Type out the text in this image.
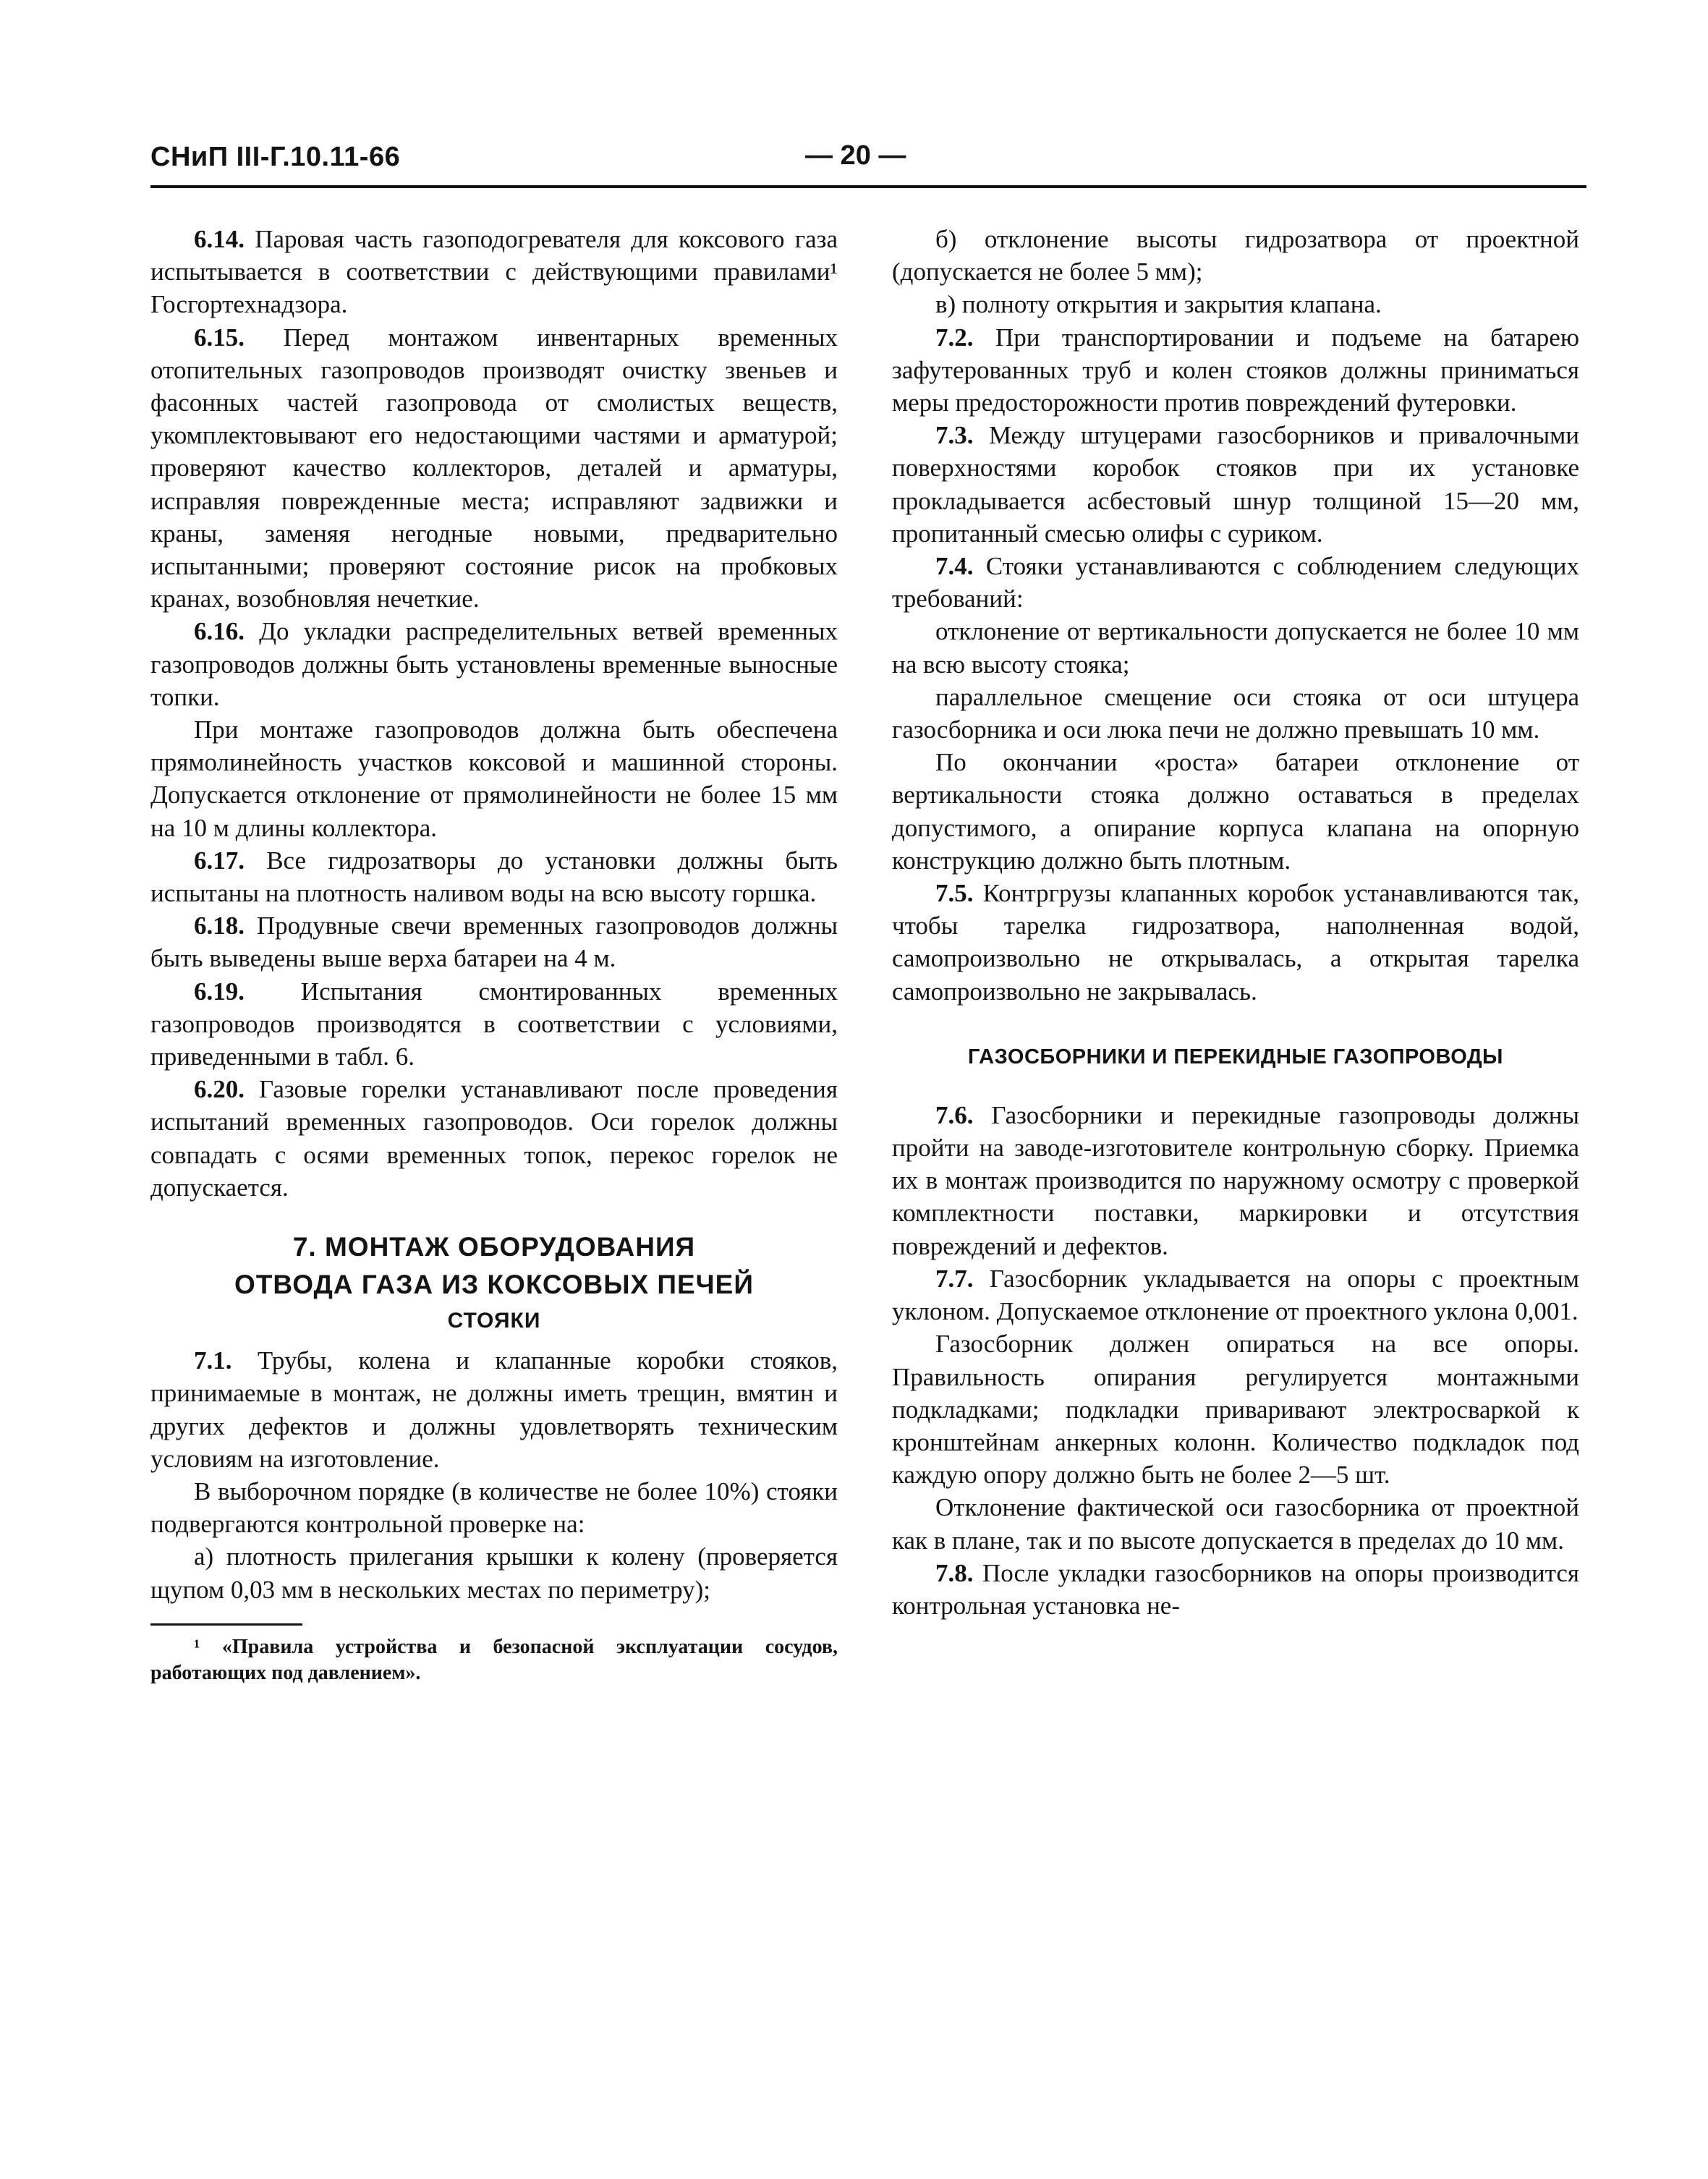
СНиП III-Г.10.11-66	— 20 —

6.14. Паровая часть газоподогревателя для коксового газа испытывается в соответствии с действующими правилами¹ Госгортехнадзора.

6.15. Перед монтажом инвентарных временных отопительных газопроводов производят очистку звеньев и фасонных частей газопровода от смолистых веществ, укомплектовывают его недостающими частями и арматурой; проверяют качество коллекторов, деталей и арматуры, исправляя поврежденные места; исправляют задвижки и краны, заменяя негодные новыми, предварительно испытанными; проверяют состояние рисок на пробковых кранах, возобновляя нечеткие.

6.16. До укладки распределительных ветвей временных газопроводов должны быть установлены временные выносные топки.

При монтаже газопроводов должна быть обеспечена прямолинейность участков коксовой и машинной стороны. Допускается отклонение от прямолинейности не более 15 мм на 10 м длины коллектора.

6.17. Все гидрозатворы до установки должны быть испытаны на плотность наливом воды на всю высоту горшка.

6.18. Продувные свечи временных газопроводов должны быть выведены выше верха батареи на 4 м.

6.19. Испытания смонтированных временных газопроводов производятся в соответствии с условиями, приведенными в табл. 6.

6.20. Газовые горелки устанавливают после проведения испытаний временных газопроводов. Оси горелок должны совпадать с осями временных топок, перекос горелок не допускается.

7. МОНТАЖ ОБОРУДОВАНИЯ
ОТВОДА ГАЗА ИЗ КОКСОВЫХ ПЕЧЕЙ
СТОЯКИ

7.1. Трубы, колена и клапанные коробки стояков, принимаемые в монтаж, не должны иметь трещин, вмятин и других дефектов и должны удовлетворять техническим условиям на изготовление.

В выборочном порядке (в количестве не более 10%) стояки подвергаются контрольной проверке на:

а) плотность прилегания крышки к колену (проверяется щупом 0,03 мм в нескольких местах по периметру);

¹ «Правила устройства и безопасной эксплуатации сосудов, работающих под давлением».

б) отклонение высоты гидрозатвора от проектной (допускается не более 5 мм);

в) полноту открытия и закрытия клапана.

7.2. При транспортировании и подъеме на батарею зафутерованных труб и колен стояков должны приниматься меры предосторожности против повреждений футеровки.

7.3. Между штуцерами газосборников и привалочными поверхностями коробок стояков при их установке прокладывается асбестовый шнур толщиной 15—20 мм, пропитанный смесью олифы с суриком.

7.4. Стояки устанавливаются с соблюдением следующих требований:

отклонение от вертикальности допускается не более 10 мм на всю высоту стояка;

параллельное смещение оси стояка от оси штуцера газосборника и оси люка печи не должно превышать 10 мм.

По окончании «роста» батареи отклонение от вертикальности стояка должно оставаться в пределах допустимого, а опирание корпуса клапана на опорную конструкцию должно быть плотным.

7.5. Контргрузы клапанных коробок устанавливаются так, чтобы тарелка гидрозатвора, наполненная водой, самопроизвольно не открывалась, а открытая тарелка самопроизвольно не закрывалась.

ГАЗОСБОРНИКИ И ПЕРЕКИДНЫЕ ГАЗОПРОВОДЫ

7.6. Газосборники и перекидные газопроводы должны пройти на заводе-изготовителе контрольную сборку. Приемка их в монтаж производится по наружному осмотру с проверкой комплектности поставки, маркировки и отсутствия повреждений и дефектов.

7.7. Газосборник укладывается на опоры с проектным уклоном. Допускаемое отклонение от проектного уклона 0,001.

Газосборник должен опираться на все опоры. Правильность опирания регулируется монтажными подкладками; подкладки приваривают электросваркой к кронштейнам анкерных колонн. Количество подкладок под каждую опору должно быть не более 2—5 шт.

Отклонение фактической оси газосборника от проектной как в плане, так и по высоте допускается в пределах до 10 мм.

7.8. После укладки газосборников на опоры производится контрольная установка не-
